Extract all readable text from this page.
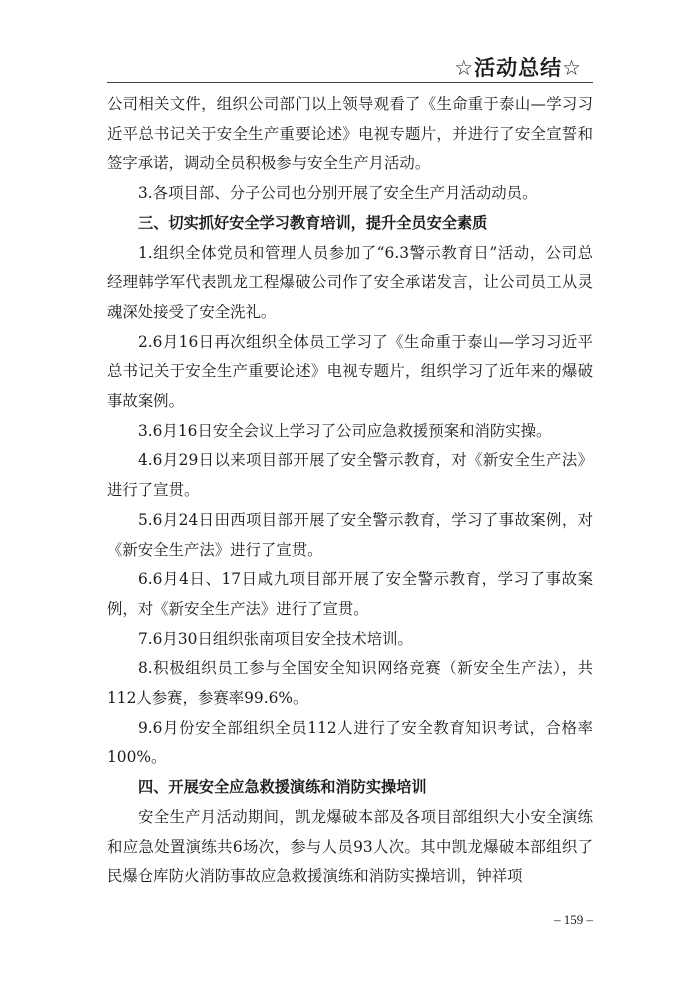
☆活动总结☆

公司相关文件，组织公司部门以上领导观看了《生命重于泰山—学习习近平总书记关于安全生产重要论述》电视专题片，并进行了安全宣誓和签字承诺，调动全员积极参与安全生产月活动。

3.各项目部、分子公司也分别开展了安全生产月活动动员。

三、切实抓好安全学习教育培训，提升全员安全素质

1.组织全体党员和管理人员参加了“6.3警示教育日”活动，公司总经理韩学军代表凯龙工程爆破公司作了安全承诺发言，让公司员工从灵魂深处接受了安全洗礼。

2.6月16日再次组织全体员工学习了《生命重于泰山—学习习近平总书记关于安全生产重要论述》电视专题片，组织学习了近年来的爆破事故案例。

3.6月16日安全会议上学习了公司应急救援预案和消防实操。

4.6月29日以来项目部开展了安全警示教育，对《新安全生产法》进行了宣贯。

5.6月24日田西项目部开展了安全警示教育，学习了事故案例，对《新安全生产法》进行了宣贯。

6.6月4日、17日咸九项目部开展了安全警示教育，学习了事故案例，对《新安全生产法》进行了宣贯。

7.6月30日组织张南项目安全技术培训。

8.积极组织员工参与全国安全知识网络竞赛（新安全生产法），共112人参赛，参赛率99.6%。

9.6月份安全部组织全员112人进行了安全教育知识考试，合格率100%。

四、开展安全应急救援演练和消防实操培训

安全生产月活动期间，凯龙爆破本部及各项目部组织大小安全演练和应急处置演练共6场次，参与人员93人次。其中凯龙爆破本部组织了民爆仓库防火消防事故应急救援演练和消防实操培训，钟祥项

– 159 –
